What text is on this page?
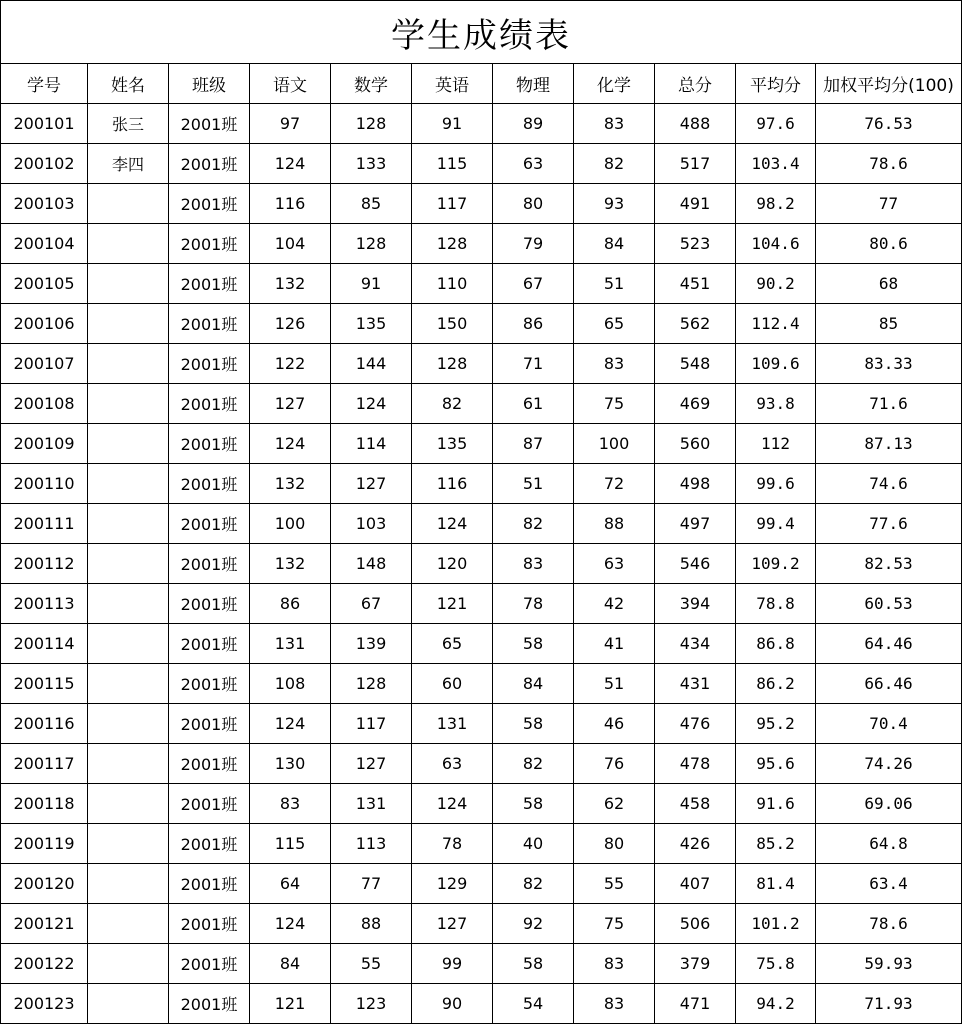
学生成绩表										
学号	姓名	班级	语文	数学	英语	物理	化学	总分	平均分	加权平均分(100)
200101	张三	2001班	97	128	91	89	83	488	97.6	76.53
200102	李四	2001班	124	133	115	63	82	517	103.4	78.6
200103		2001班	116	85	117	80	93	491	98.2	77
200104		2001班	104	128	128	79	84	523	104.6	80.6
200105		2001班	132	91	110	67	51	451	90.2	68
200106		2001班	126	135	150	86	65	562	112.4	85
200107		2001班	122	144	128	71	83	548	109.6	83.33
200108		2001班	127	124	82	61	75	469	93.8	71.6
200109		2001班	124	114	135	87	100	560	112	87.13
200110		2001班	132	127	116	51	72	498	99.6	74.6
200111		2001班	100	103	124	82	88	497	99.4	77.6
200112		2001班	132	148	120	83	63	546	109.2	82.53
200113		2001班	86	67	121	78	42	394	78.8	60.53
200114		2001班	131	139	65	58	41	434	86.8	64.46
200115		2001班	108	128	60	84	51	431	86.2	66.46
200116		2001班	124	117	131	58	46	476	95.2	70.4
200117		2001班	130	127	63	82	76	478	95.6	74.26
200118		2001班	83	131	124	58	62	458	91.6	69.06
200119		2001班	115	113	78	40	80	426	85.2	64.8
200120		2001班	64	77	129	82	55	407	81.4	63.4
200121		2001班	124	88	127	92	75	506	101.2	78.6
200122		2001班	84	55	99	58	83	379	75.8	59.93
200123		2001班	121	123	90	54	83	471	94.2	71.93
